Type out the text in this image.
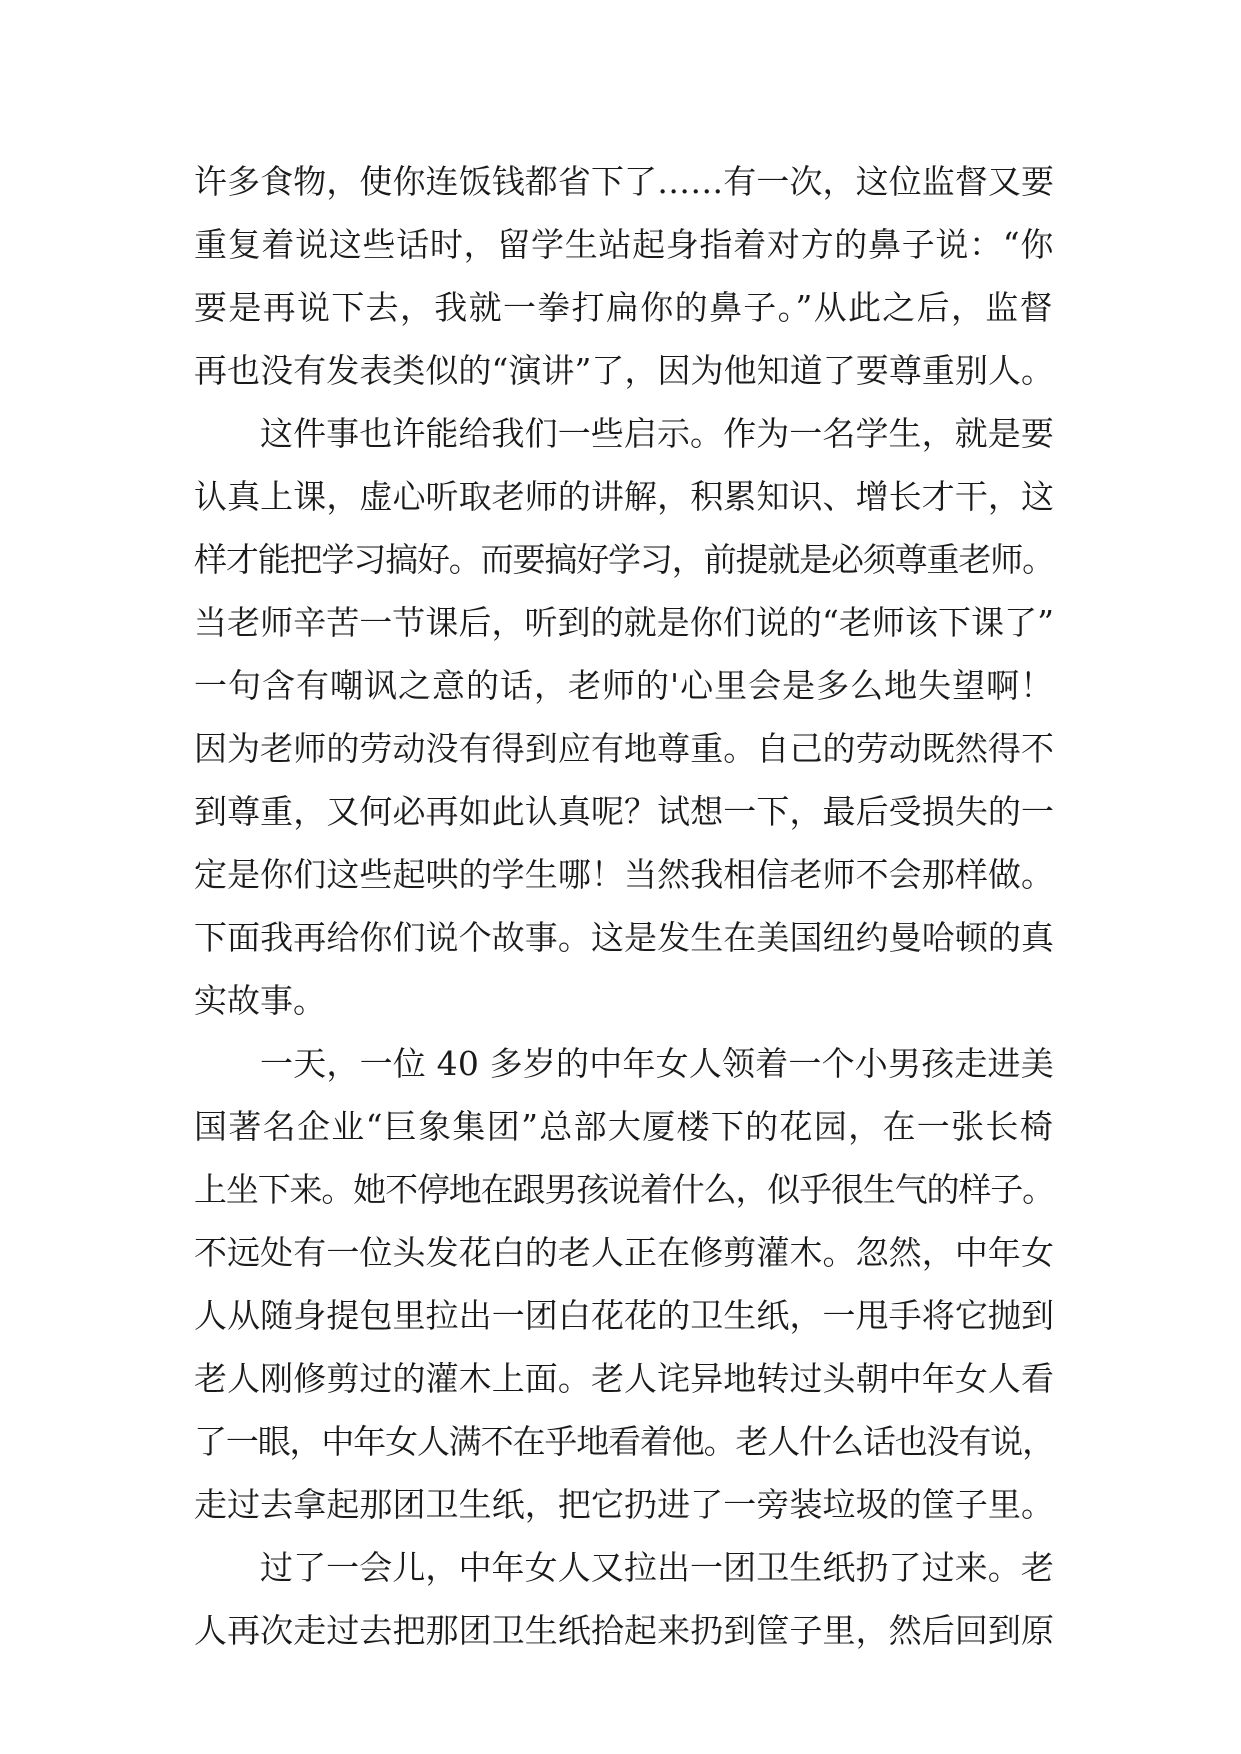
许多食物，使你连饭钱都省下了……有一次，这位监督又要
重复着说这些话时，留学生站起身指着对方的鼻子说：“你
要是再说下去，我就一拳打扁你的鼻子。”从此之后，监督
再也没有发表类似的“演讲”了，因为他知道了要尊重别人。
这件事也许能给我们一些启示。作为一名学生，就是要
认真上课，虚心听取老师的讲解，积累知识、增长才干，这
样才能把学习搞好。而要搞好学习，前提就是必须尊重老师。
当老师辛苦一节课后，听到的就是你们说的“老师该下课了”
一句含有嘲讽之意的话，老师的'心里会是多么地失望啊！
因为老师的劳动没有得到应有地尊重。自己的劳动既然得不
到尊重，又何必再如此认真呢？试想一下，最后受损失的一
定是你们这些起哄的学生哪！当然我相信老师不会那样做。
下面我再给你们说个故事。这是发生在美国纽约曼哈顿的真
实故事。
一天，一位 40 多岁的中年女人领着一个小男孩走进美
国著名企业“巨象集团”总部大厦楼下的花园，在一张长椅
上坐下来。她不停地在跟男孩说着什么，似乎很生气的样子。
不远处有一位头发花白的老人正在修剪灌木。忽然，中年女
人从随身提包里拉出一团白花花的卫生纸，一甩手将它抛到
老人刚修剪过的灌木上面。老人诧异地转过头朝中年女人看
了一眼，中年女人满不在乎地看着他。老人什么话也没有说，
走过去拿起那团卫生纸，把它扔进了一旁装垃圾的筐子里。
过了一会儿，中年女人又拉出一团卫生纸扔了过来。老
人再次走过去把那团卫生纸拾起来扔到筐子里，然后回到原
